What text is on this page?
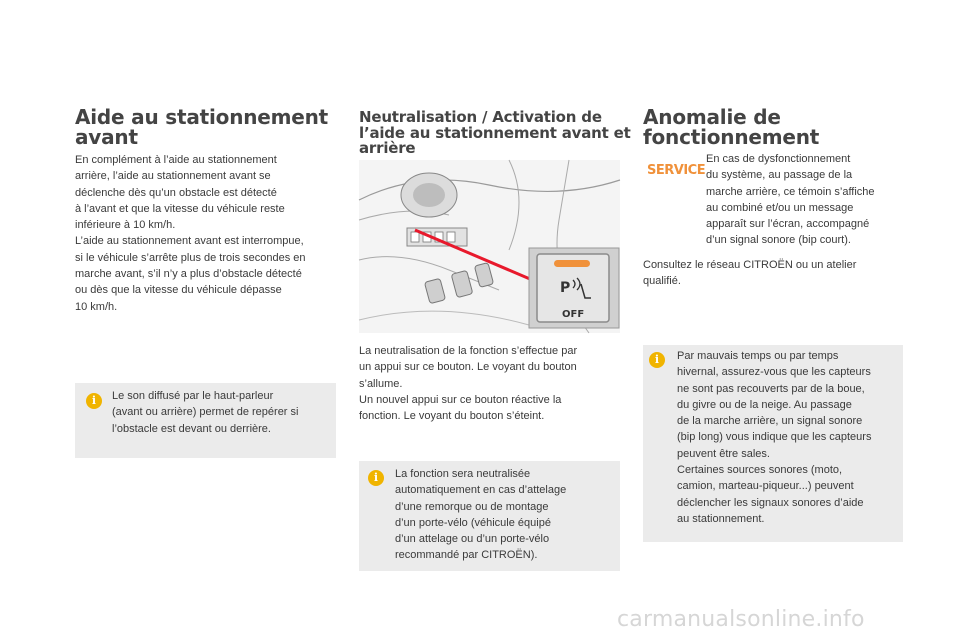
Aide au stationnement
avant
En complément à l’aide au stationnement
arrière, l’aide au stationnement avant se
déclenche dès qu’un obstacle est détecté
à l’avant et que la vitesse du véhicule reste
inférieure à 10 km/h.
L’aide au stationnement avant est interrompue,
si le véhicule s’arrête plus de trois secondes en
marche avant, s’il n’y a plus d’obstacle détecté
ou dès que la vitesse du véhicule dépasse
10 km/h.
i	Le son diffusé par le haut-parleur
(avant ou arrière) permet de repérer si
l’obstacle est devant ou derrière.
Neutralisation / Activation de
l’aide au stationnement avant et
arrière
P
OFF
La neutralisation de la fonction s’effectue par
un appui sur ce bouton. Le voyant du bouton
s’allume.
Un nouvel appui sur ce bouton réactive la
fonction. Le voyant du bouton s’éteint.
i	La fonction sera neutralisée
automatiquement en cas d’attelage
d’une remorque ou de montage
d’un porte-vélo (véhicule équipé
d’un attelage ou d’un porte-vélo
recommandé par CITROËN).
Anomalie de
fonctionnement
SERVICE
En cas de dysfonctionnement
du système, au passage de la
marche arrière, ce témoin s’affiche
au combiné et/ou un message
apparaît sur l’écran, accompagné
d’un signal sonore (bip court).
Consultez le réseau CITROËN ou un atelier
qualifié.
i	Par mauvais temps ou par temps
hivernal, assurez-vous que les capteurs
ne sont pas recouverts par de la boue,
du givre ou de la neige. Au passage
de la marche arrière, un signal sonore
(bip long) vous indique que les capteurs
peuvent être sales.
Certaines sources sonores (moto,
camion, marteau-piqueur...) peuvent
déclencher les signaux sonores d’aide
au stationnement.
carmanualsonline.info
